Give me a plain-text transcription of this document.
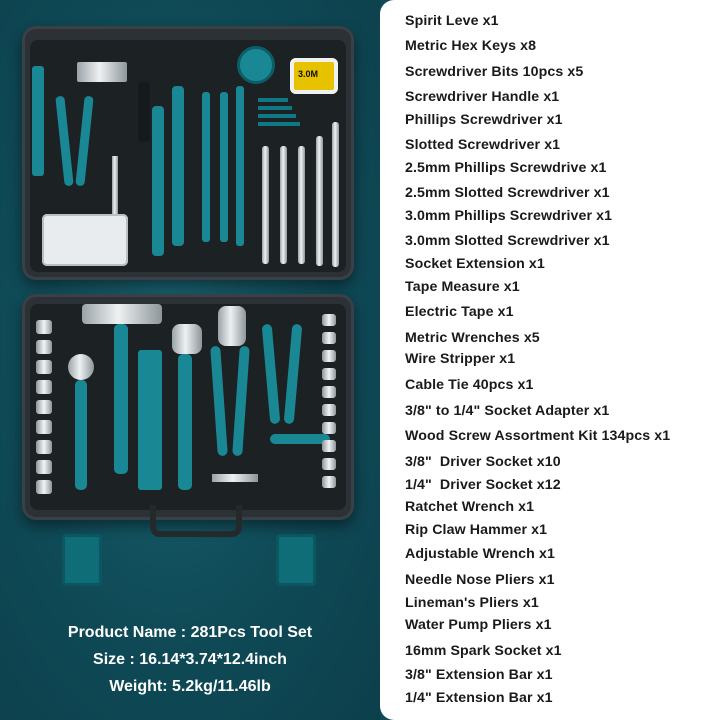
3.0M
Product Name : 281Pcs Tool Set
Size : 16.14*3.74*12.4inch
Weight: 5.2kg/11.46lb
Spirit Leve x1
Metric Hex Keys x8
Screwdriver Bits 10pcs x5
Screwdriver Handle x1
Phillips Screwdriver x1
Slotted Screwdriver x1
2.5mm Phillips Screwdrive x1
2.5mm Slotted Screwdriver x1
3.0mm Phillips Screwdriver x1
3.0mm Slotted Screwdriver x1
Socket Extension x1
Tape Measure x1
Electric Tape x1
Metric Wrenches x5
Wire Stripper x1
Cable Tie 40pcs x1
3/8" to 1/4" Socket Adapter x1
Wood Screw Assortment Kit 134pcs x1
3/8"  Driver Socket x10
1/4"  Driver Socket x12
Ratchet Wrench x1
Rip Claw Hammer x1
Adjustable Wrench x1
Needle Nose Pliers x1
Lineman's Pliers x1
Water Pump Pliers x1
16mm Spark Socket x1
3/8" Extension Bar x1
1/4" Extension Bar x1
